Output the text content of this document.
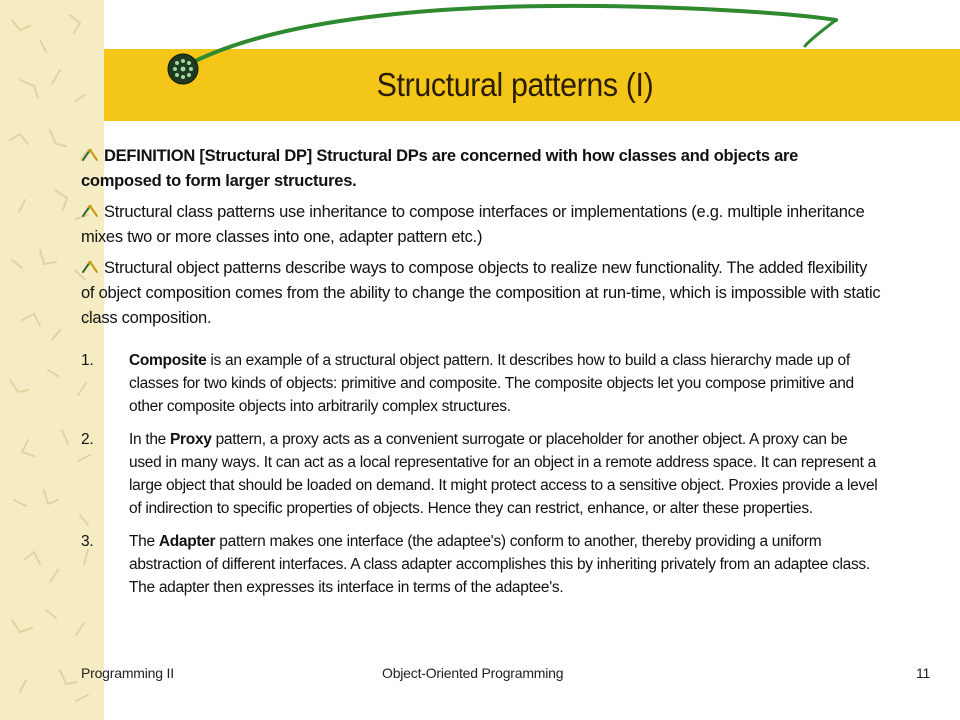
Structural patterns (I)

DEFINITION [Structural DP] Structural DPs are concerned with how classes and objects are composed to form larger structures.

Structural class patterns use inheritance to compose interfaces or implementations (e.g. multiple inheritance mixes two or more classes into one, adapter pattern etc.)

Structural object patterns describe ways to compose objects to realize new functionality. The added flexibility of object composition comes from the ability to change the composition at run-time, which is impossible with static class composition.

1. Composite is an example of a structural object pattern. It describes how to build a class hierarchy made up of classes for two kinds of objects: primitive and composite. The composite objects let you compose primitive and other composite objects into arbitrarily complex structures.
2. In the Proxy pattern, a proxy acts as a convenient surrogate or placeholder for another object. A proxy can be used in many ways. It can act as a local representative for an object in a remote address space. It can represent a large object that should be loaded on demand. It might protect access to a sensitive object. Proxies provide a level of indirection to specific properties of objects. Hence they can restrict, enhance, or alter these properties.
3. The Adapter pattern makes one interface (the adaptee's) conform to another, thereby providing a uniform abstraction of different interfaces. A class adapter accomplishes this by inheriting privately from an adaptee class. The adapter then expresses its interface in terms of the adaptee's.
Programming II	Object-Oriented Programming	11
